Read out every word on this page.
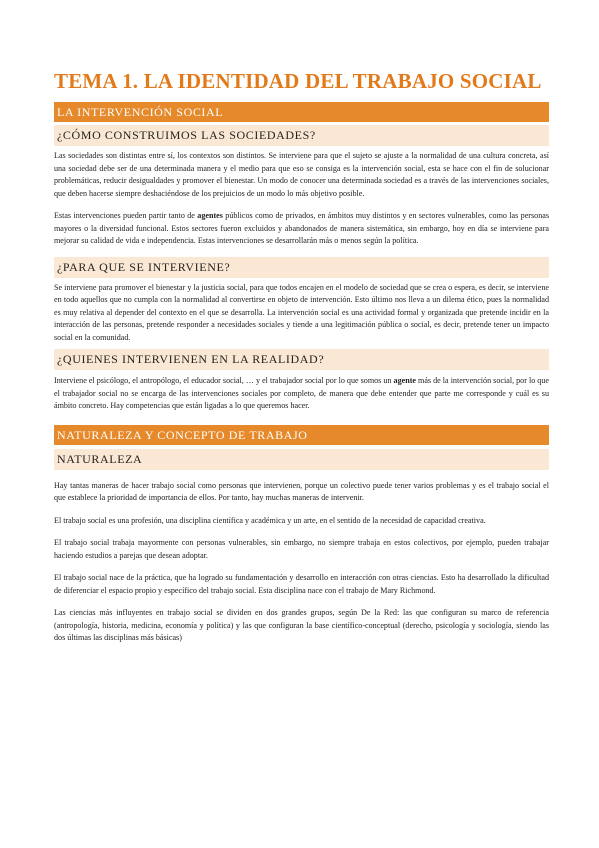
TEMA 1. LA IDENTIDAD DEL TRABAJO SOCIAL
LA INTERVENCIÓN SOCIAL
¿CÓMO CONSTRUIMOS LAS SOCIEDADES?

Las sociedades son distintas entre sí, los contextos son distintos. Se interviene para que el sujeto se ajuste a la normalidad de una cultura concreta, así una sociedad debe ser de una determinada manera y el medio para que eso se consiga es la intervención social, esta se hace con el fin de solucionar problemáticas, reducir desigualdades y promover el bienestar. Un modo de conocer una determinada sociedad es a través de las intervenciones sociales, que deben hacerse siempre deshaciéndose de los prejuicios de un modo lo más objetivo posible.

Estas intervenciones pueden partir tanto de agentes públicos como de privados, en ámbitos muy distintos y en sectores vulnerables, como las personas mayores o la diversidad funcional. Estos sectores fueron excluidos y abandonados de manera sistemática, sin embargo, hoy en día se interviene para mejorar su calidad de vida e independencia. Estas intervenciones se desarrollarán más o menos según la política.

¿PARA QUE SE INTERVIENE?

Se interviene para promover el bienestar y la justicia social, para que todos encajen en el modelo de sociedad que se crea o espera, es decir, se interviene en todo aquellos que no cumpla con la normalidad al convertirse en objeto de intervención. Esto último nos lleva a un dilema ético, pues la normalidad es muy relativa al depender del contexto en el que se desarrolla. La intervención social es una actividad formal y organizada que pretende incidir en la interacción de las personas, pretende responder a necesidades sociales y tiende a una legitimación pública o social, es decir, pretende tener un impacto social en la comunidad.

¿QUIENES INTERVIENEN EN LA REALIDAD?

Interviene el psicólogo, el antropólogo, el educador social, … y el trabajador social por lo que somos un agente más de la intervención social, por lo que el trabajador social no se encarga de las intervenciones sociales por completo, de manera que debe entender que parte me corresponde y cuál es su ámbito concreto. Hay competencias que están ligadas a lo que queremos hacer.

NATURALEZA Y CONCEPTO DE TRABAJO
NATURALEZA

Hay tantas maneras de hacer trabajo social como personas que intervienen, porque un colectivo puede tener varios problemas y es el trabajo social el que establece la prioridad de importancia de ellos. Por tanto, hay muchas maneras de intervenir.

El trabajo social es una profesión, una disciplina científica y académica y un arte, en el sentido de la necesidad de capacidad creativa.

El trabajo social trabaja mayormente con personas vulnerables, sin embargo, no siempre trabaja en estos colectivos, por ejemplo, pueden trabajar haciendo estudios a parejas que desean adoptar.

El trabajo social nace de la práctica, que ha logrado su fundamentación y desarrollo en interacción con otras ciencias. Esto ha desarrollado la dificultad de diferenciar el espacio propio y específico del trabajo social. Esta disciplina nace con el trabajo de Mary Richmond.

Las ciencias más influyentes en trabajo social se dividen en dos grandes grupos, según De la Red: las que configuran su marco de referencia (antropología, historia, medicina, economía y política) y las que configuran la base científico-conceptual (derecho, psicología y sociología, siendo las dos últimas las disciplinas más básicas)
